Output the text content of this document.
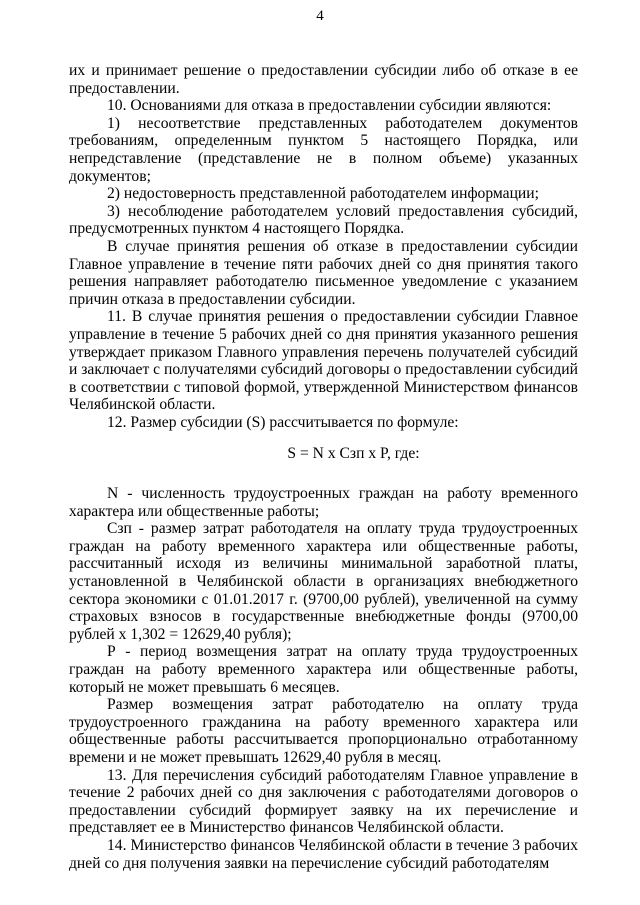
4

их и принимает решение о предоставлении субсидии либо об отказе в ее предоставлении.

10. Основаниями для отказа в предоставлении субсидии являются:

1) несоответствие представленных работодателем документов требованиям, определенным пунктом 5 настоящего Порядка, или непредставление (представление не в полном объеме) указанных документов;

2) недостоверность представленной работодателем информации;

3) несоблюдение работодателем условий предоставления субсидий, предусмотренных пунктом 4 настоящего Порядка.

В случае принятия решения об отказе в предоставлении субсидии Главное управление в течение пяти рабочих дней со дня принятия такого решения направляет работодателю письменное уведомление с указанием причин отказа в предоставлении субсидии.

11. В случае принятия решения о предоставлении субсидии Главное управление в течение 5 рабочих дней со дня принятия указанного решения утверждает приказом Главного управления перечень получателей субсидий и заключает с получателями субсидий договоры о предоставлении субсидий в соответствии с типовой формой, утвержденной Министерством финансов Челябинской области.

12. Размер субсидии (S) рассчитывается по формуле:

S = N x Сзп x P, где:

N - численность трудоустроенных граждан на работу временного характера или общественные работы;

Сзп - размер затрат работодателя на оплату труда трудоустроенных граждан на работу временного характера или общественные работы, рассчитанный исходя из величины минимальной заработной платы, установленной в Челябинской области в организациях внебюджетного сектора экономики с 01.01.2017 г. (9700,00 рублей), увеличенной на сумму страховых взносов в государственные внебюджетные фонды (9700,00 рублей x 1,302 = 12629,40 рубля);

Р - период возмещения затрат на оплату труда трудоустроенных граждан на работу временного характера или общественные работы, который не может превышать 6 месяцев.

Размер возмещения затрат работодателю на оплату труда трудоустроенного гражданина на работу временного характера или общественные работы рассчитывается пропорционально отработанному времени и не может превышать 12629,40 рубля в месяц.

13. Для перечисления субсидий работодателям Главное управление в течение 2 рабочих дней со дня заключения с работодателями договоров о предоставлении субсидий формирует заявку на их перечисление и представляет ее в Министерство финансов Челябинской области.

14. Министерство финансов Челябинской области в течение 3 рабочих дней со дня получения заявки на перечисление субсидий работодателям
